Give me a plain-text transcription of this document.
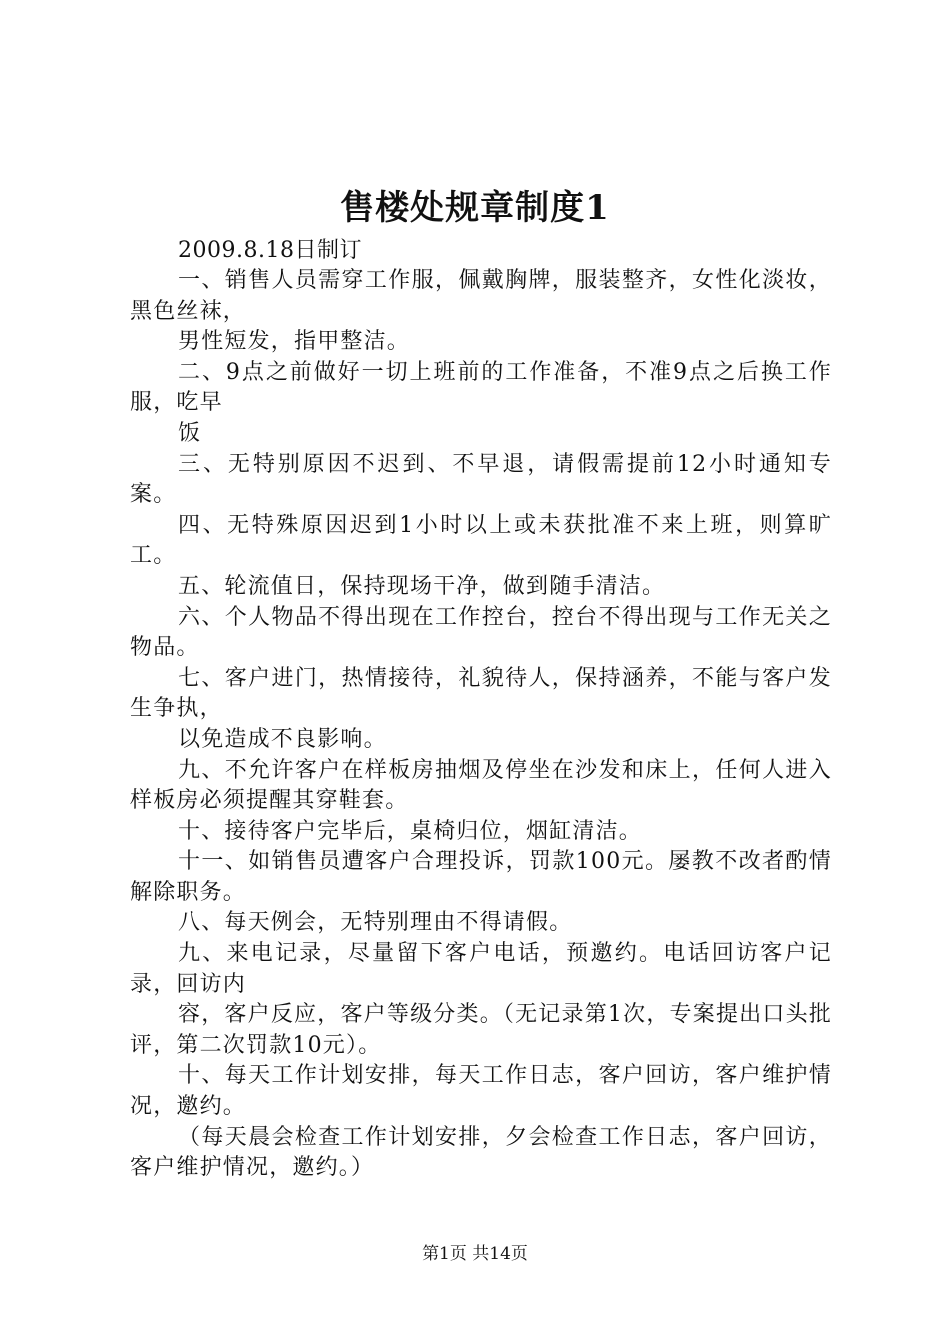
售楼处规章制度1
2009.8.18日制订

一、销售人员需穿工作服，佩戴胸牌，服装整齐，女性化淡妆，黑色丝袜，

男性短发，指甲整洁。

二、9点之前做好一切上班前的工作准备，不准9点之后换工作服，吃早

饭

三、无特别原因不迟到、不早退，请假需提前12小时通知专案。

四、无特殊原因迟到1小时以上或未获批准不来上班，则算旷工。

五、轮流值日，保持现场干净，做到随手清洁。

六、个人物品不得出现在工作控台，控台不得出现与工作无关之物品。

七、客户进门，热情接待，礼貌待人，保持涵养，不能与客户发生争执，

以免造成不良影响。

九、不允许客户在样板房抽烟及停坐在沙发和床上，任何人进入样板房必须提醒其穿鞋套。

十、接待客户完毕后，桌椅归位，烟缸清洁。

十一、如销售员遭客户合理投诉，罚款100元。屡教不改者酌情解除职务。

八、每天例会，无特别理由不得请假。

九、来电记录，尽量留下客户电话，预邀约。电话回访客户记录，回访内

容，客户反应，客户等级分类。（无记录第1次，专案提出口头批评，第二次罚款10元）。

十、每天工作计划安排，每天工作日志，客户回访，客户维护情况，邀约。

（每天晨会检查工作计划安排，夕会检查工作日志，客户回访，客户维护情况，邀约。）

第1页 共14页
